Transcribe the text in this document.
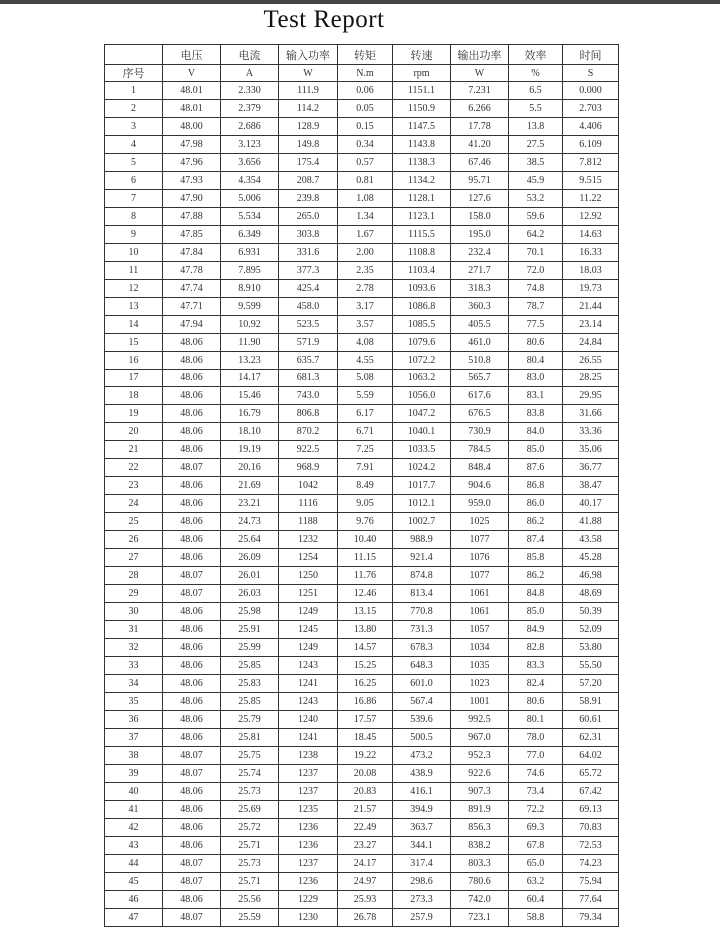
Test Report
	电压	电流	输入功率	转矩	转速	输出功率	效率	时间
序号	V	A	W	N.m	rpm	W	%	S
1	48.01	2.330	111.9	0.06	1151.1	7.231	6.5	0.000
2	48.01	2.379	114.2	0.05	1150.9	6.266	5.5	2.703
3	48.00	2.686	128.9	0.15	1147.5	17.78	13.8	4.406
4	47.98	3.123	149.8	0.34	1143.8	41.20	27.5	6.109
5	47.96	3.656	175.4	0.57	1138.3	67.46	38.5	7.812
6	47.93	4.354	208.7	0.81	1134.2	95.71	45.9	9.515
7	47.90	5.006	239.8	1.08	1128.1	127.6	53.2	11.22
8	47.88	5.534	265.0	1.34	1123.1	158.0	59.6	12.92
9	47.85	6.349	303.8	1.67	1115.5	195.0	64.2	14.63
10	47.84	6.931	331.6	2.00	1108.8	232.4	70.1	16.33
11	47.78	7.895	377.3	2.35	1103.4	271.7	72.0	18.03
12	47.74	8.910	425.4	2.78	1093.6	318.3	74.8	19.73
13	47.71	9.599	458.0	3.17	1086.8	360.3	78.7	21.44
14	47.94	10.92	523.5	3.57	1085.5	405.5	77.5	23.14
15	48.06	11.90	571.9	4.08	1079.6	461.0	80.6	24.84
16	48.06	13.23	635.7	4.55	1072.2	510.8	80.4	26.55
17	48.06	14.17	681.3	5.08	1063.2	565.7	83.0	28.25
18	48.06	15.46	743.0	5.59	1056.0	617.6	83.1	29.95
19	48.06	16.79	806.8	6.17	1047.2	676.5	83.8	31.66
20	48.06	18.10	870.2	6.71	1040.1	730.9	84.0	33.36
21	48.06	19.19	922.5	7.25	1033.5	784.5	85.0	35.06
22	48.07	20.16	968.9	7.91	1024.2	848.4	87.6	36.77
23	48.06	21.69	1042	8.49	1017.7	904.6	86.8	38.47
24	48.06	23.21	1116	9.05	1012.1	959.0	86.0	40.17
25	48.06	24.73	1188	9.76	1002.7	1025	86.2	41.88
26	48.06	25.64	1232	10.40	988.9	1077	87.4	43.58
27	48.06	26.09	1254	11.15	921.4	1076	85.8	45.28
28	48.07	26.01	1250	11.76	874.8	1077	86.2	46.98
29	48.07	26.03	1251	12.46	813.4	1061	84.8	48.69
30	48.06	25.98	1249	13.15	770.8	1061	85.0	50.39
31	48.06	25.91	1245	13.80	731.3	1057	84.9	52.09
32	48.06	25.99	1249	14.57	678.3	1034	82.8	53.80
33	48.06	25.85	1243	15.25	648.3	1035	83.3	55.50
34	48.06	25.83	1241	16.25	601.0	1023	82.4	57.20
35	48.06	25.85	1243	16.86	567.4	1001	80.6	58.91
36	48.06	25.79	1240	17.57	539.6	992.5	80.1	60.61
37	48.06	25.81	1241	18.45	500.5	967.0	78.0	62.31
38	48.07	25.75	1238	19.22	473.2	952.3	77.0	64.02
39	48.07	25.74	1237	20.08	438.9	922.6	74.6	65.72
40	48.06	25.73	1237	20.83	416.1	907.3	73.4	67.42
41	48.06	25.69	1235	21.57	394.9	891.9	72.2	69.13
42	48.06	25.72	1236	22.49	363.7	856.3	69.3	70.83
43	48.06	25.71	1236	23.27	344.1	838.2	67.8	72.53
44	48.07	25.73	1237	24.17	317.4	803.3	65.0	74.23
45	48.07	25.71	1236	24.97	298.6	780.6	63.2	75.94
46	48.06	25.56	1229	25.93	273.3	742.0	60.4	77.64
47	48.07	25.59	1230	26.78	257.9	723.1	58.8	79.34
